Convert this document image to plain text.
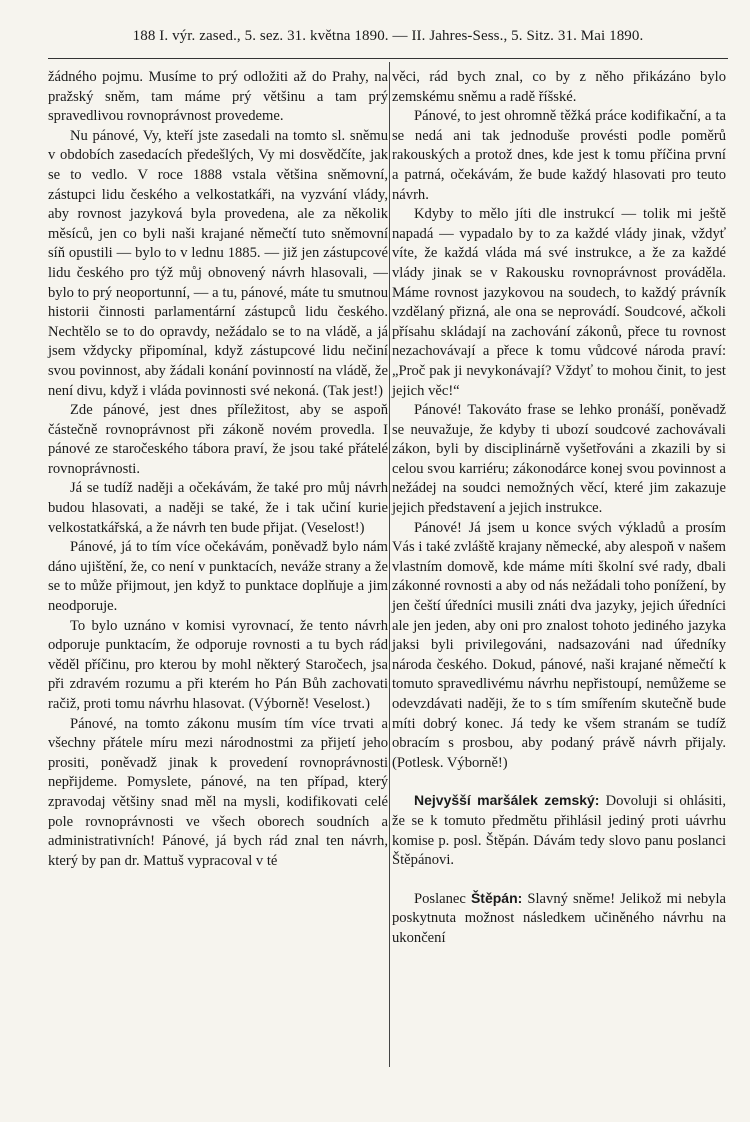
188 I. výr. zased., 5. sez. 31. května 1890. — II. Jahres-Sess., 5. Sitz. 31. Mai 1890.

žádného pojmu. Musíme to prý odložiti až do Prahy, na pražský sněm, tam máme prý většinu a tam prý spravedlivou rovnoprávnost provedeme.

Nu pánové, Vy, kteří jste zasedali na tomto sl. sněmu v obdobích zasedacích předešlých, Vy mi dosvědčíte, jak se to vedlo. V roce 1888 vstala většina sněmovní, zástupci lidu českého a velkostatkáři, na vyzvání vlády, aby rovnost jazyková byla provedena, ale za několik měsíců, jen co byli naši krajané němečtí tuto sněmovní síň opustili — bylo to v lednu 1885. — již jen zástupcové lidu českého pro týž můj obnovený návrh hlasovali, — bylo to prý neoportunní, — a tu, pánové, máte tu smutnou historii činnosti parlamentární zástupců lidu českého. Nechtělo se to do opravdy, nežádalo se to na vládě, a já jsem vždycky připomínal, když zástupcové lidu nečiní svou povinnost, aby žádali konání povinností na vládě, že není divu, když i vláda povinnosti své nekoná. (Tak jest!)

Zde pánové, jest dnes příležitost, aby se aspoň částečně rovnoprávnost při zákoně novém provedla. I pánové ze staročeského tábora praví, že jsou také přátelé rovnoprávnosti.

Já se tudíž naději a očekávám, že také pro můj návrh budou hlasovati, a naději se také, že i tak učiní kurie velkostatkářská, a že návrh ten bude přijat. (Veselost!)

Pánové, já to tím více očekávám, poněvadž bylo nám dáno ujištění, že, co není v punktacích, neváže strany a že se to může přijmout, jen když to punktace doplňuje a jim neodporuje.

To bylo uznáno v komisi vyrovnací, že tento návrh odporuje punktacím, že odporuje rovnosti a tu bych rád věděl příčinu, pro kterou by mohl některý Staročech, jsa při zdravém rozumu a při kterém ho Pán Bůh zachovati račiž, proti tomu návrhu hlasovat. (Výborně! Veselost.)

Pánové, na tomto zákonu musím tím více trvati a všechny přátele míru mezi národnostmi za přijetí jeho prositi, poněvadž jinak k provedení rovnoprávnosti nepřijdeme. Pomyslete, pánové, na ten případ, který zpravodaj většiny snad měl na mysli, kodifikovati celé pole rovnoprávnosti ve všech oborech soudních a administrativních! Pánové, já bych rád znal ten návrh, který by pan dr. Mattuš vypracoval v té

věci, rád bych znal, co by z něho přikázáno bylo zemskému sněmu a radě říšské.

Pánové, to jest ohromně těžká práce kodifikační, a ta se nedá ani tak jednoduše provésti podle poměrů rakouských a protož dnes, kde jest k tomu příčina první a patrná, očekávám, že bude každý hlasovati pro teuto návrh.

Kdyby to mělo jíti dle instrukcí — tolik mi ještě napadá — vypadalo by to za každé vlády jinak, vždyť víte, že každá vláda má své instrukce, a že za každé vlády jinak se v Rakousku rovnoprávnost prováděla. Máme rovnost jazykovou na soudech, to každý právník vzdělaný přizná, ale ona se neprovádí. Soudcové, ačkoli přísahu skládají na zachování zákonů, přece tu rovnost nezachovávají a přece k tomu vůdcové národa praví: „Proč pak ji nevykonávají? Vždyť to mohou činit, to jest jejich věc!“

Pánové! Takováto frase se lehko pronáší, poněvadž se neuvažuje, že kdyby ti ubozí soudcové zachovávali zákon, byli by disciplinárně vyšetřováni a zkazili by si celou svou karriéru; zákonodárce konej svou povinnost a nežádej na soudci nemožných věcí, které jim zakazuje jejich představení a jejich instrukce.

Pánové! Já jsem u konce svých výkladů a prosím Vás i také zvláště krajany německé, aby alespoň v našem vlastním domově, kde máme míti školní své rady, dbali zákonné rovnosti a aby od nás nežádali toho ponížení, by jen čeští úředníci musili znáti dva jazyky, jejich úředníci ale jen jeden, aby oni pro znalost tohoto jediného jazyka jaksi byli privilegováni, nadsazováni nad úředníky národa českého. Dokud, pánové, naši krajané němečtí k tomuto spravedlivému návrhu nepřistoupí, nemůžeme se odevzdávati naději, že to s tím smířením skutečně bude míti dobrý konec. Já tedy ke všem stranám se tudíž obracím s prosbou, aby podaný právě návrh přijaly. (Potlesk. Výborně!)

Nejvyšší maršálek zemský: Dovoluji si ohlásiti, že se k tomuto předmětu přihlásil jediný proti uávrhu komise p. posl. Štěpán. Dávám tedy slovo panu poslanci Štěpánovi.

Poslanec Štěpán: Slavný sněme! Jelikož mi nebyla poskytnuta možnost následkem učiněného návrhu na ukončení
